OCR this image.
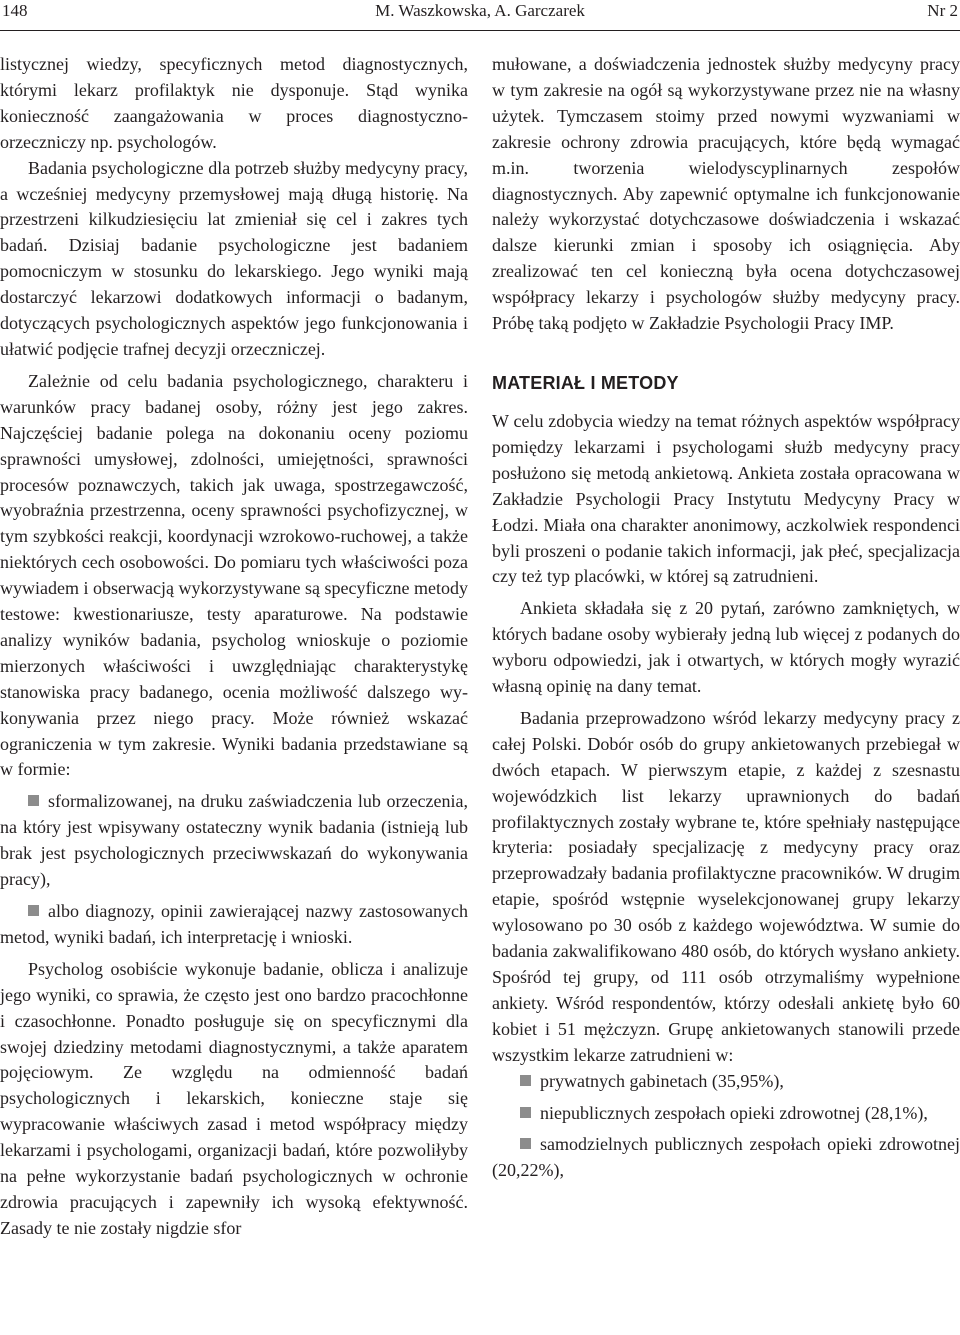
148	M. Waszkowska, A. Garczarek	Nr 2

listycznej wiedzy, specyficznych metod diagnostycznych, którymi lekarz profilaktyk nie dysponuje. Stąd wynika konieczność zaangażowania w proces diagnostyczno-orzeczniczy np. psychologów.

Badania psychologiczne dla potrzeb służby medycyny pracy, a wcześniej medycyny przemysłowej mają długą historię. Na przestrzeni kilkudziesięciu lat zmieniał się cel i zakres tych badań. Dzisiaj badanie psychologiczne jest badaniem pomocniczym w stosunku do lekarskiego. Jego wyniki mają dostarczyć lekarzowi dodatkowych informacji o badanym, dotyczących psychologicznych aspektów jego funkcjonowania i ułatwić podjęcie trafnej decyzji orzeczniczej.

Zależnie od celu badania psychologicznego, charakteru i warunków pracy badanej osoby, różny jest jego zakres. Najczęściej badanie polega na dokonaniu oceny poziomu sprawności umysłowej, zdolności, umiejętności, sprawności procesów poznawczych, takich jak uwaga, spostrzegawczość, wyobraźnia przestrzenna, oceny sprawności psychofizycznej, w tym szybkości reakcji, koordynacji wzrokowo-ruchowej, a także niektórych cech osobowości. Do pomiaru tych właściwości poza wywiadem i obserwacją wykorzystywane są specyficzne metody testowe: kwestionariusze, testy aparaturowe. Na podstawie analizy wyników badania, psycholog wnioskuje o poziomie mierzonych właściwości i uwzględniając charakterystykę stanowiska pracy badanego, ocenia możliwość dalszego wykonywania przez niego pracy. Może również wskazać ograniczenia w tym zakresie. Wyniki badania przedstawiane są w formie:

sformalizowanej, na druku zaświadczenia lub orzeczenia, na który jest wpisywany ostateczny wynik badania (istnieją lub brak jest psychologicznych przeciwwskazań do wykonywania pracy),
albo diagnozy, opinii zawierającej nazwy zastosowanych metod, wyniki badań, ich interpretację i wnioski.

Psycholog osobiście wykonuje badanie, oblicza i analizuje jego wyniki, co sprawia, że często jest ono bardzo pracochłonne i czasochłonne. Ponadto posługuje się on specyficznymi dla swojej dziedziny metodami diagnostycznymi, a także aparatem pojęciowym. Ze względu na odmienność badań psychologicznych i lekarskich, konieczne staje się wypracowanie właściwych zasad i metod współpracy między lekarzami i psychologami, organizacji badań, które pozwoliłyby na pełne wykorzystanie badań psychologicznych w ochronie zdrowia pracujących i zapewniły ich wysoką efektywność. Zasady te nie zostały nigdzie sfor

mułowane, a doświadczenia jednostek służby medycyny pracy w tym zakresie na ogół są wykorzystywane przez nie na własny użytek. Tymczasem stoimy przed nowymi wyzwaniami w zakresie ochrony zdrowia pracujących, które będą wymagać m.in. tworzenia wielodyscyplinarnych zespołów diagnostycznych. Aby zapewnić optymalne ich funkcjonowanie należy wykorzystać dotychczasowe doświadczenia i wskazać dalsze kierunki zmian i sposoby ich osiągnięcia. Aby zrealizować ten cel konieczną była ocena dotychczasowej współpracy lekarzy i psychologów służby medycyny pracy. Próbę taką podjęto w Zakładzie Psychologii Pracy IMP.

MATERIAŁ I METODY

W celu zdobycia wiedzy na temat różnych aspektów współpracy pomiędzy lekarzami i psychologami służb medycyny pracy posłużono się metodą ankietową. Ankieta została opracowana w Zakładzie Psychologii Pracy Instytutu Medycyny Pracy w Łodzi. Miała ona charakter anonimowy, aczkolwiek respondenci byli proszeni o podanie takich informacji, jak płeć, specjalizacja czy też typ placówki, w której są zatrudnieni.

Ankieta składała się z 20 pytań, zarówno zamkniętych, w których badane osoby wybierały jedną lub więcej z podanych do wyboru odpowiedzi, jak i otwartych, w których mogły wyrazić własną opinię na dany temat.

Badania przeprowadzono wśród lekarzy medycyny pracy z całej Polski. Dobór osób do grupy ankietowanych przebiegał w dwóch etapach. W pierwszym etapie, z każdej z szesnastu wojewódzkich list lekarzy uprawnionych do badań profilaktycznych zostały wybrane te, które spełniały następujące kryteria: posiadały specjalizację z medycyny pracy oraz przeprowadzały badania profilaktyczne pracowników. W drugim etapie, spośród wstępnie wyselekcjonowanej grupy lekarzy wylosowano po 30 osób z każdego województwa. W sumie do badania zakwalifikowano 480 osób, do których wysłano ankiety. Spośród tej grupy, od 111 osób otrzymaliśmy wypełnione ankiety. Wśród respondentów, którzy odesłali ankietę było 60 kobiet i 51 mężczyzn. Grupę ankietowanych stanowili przede wszystkim lekarze zatrudnieni w:

prywatnych gabinetach (35,95%),
niepublicznych zespołach opieki zdrowotnej (28,1%),
samodzielnych publicznych zespołach opieki zdrowotnej (20,22%),
